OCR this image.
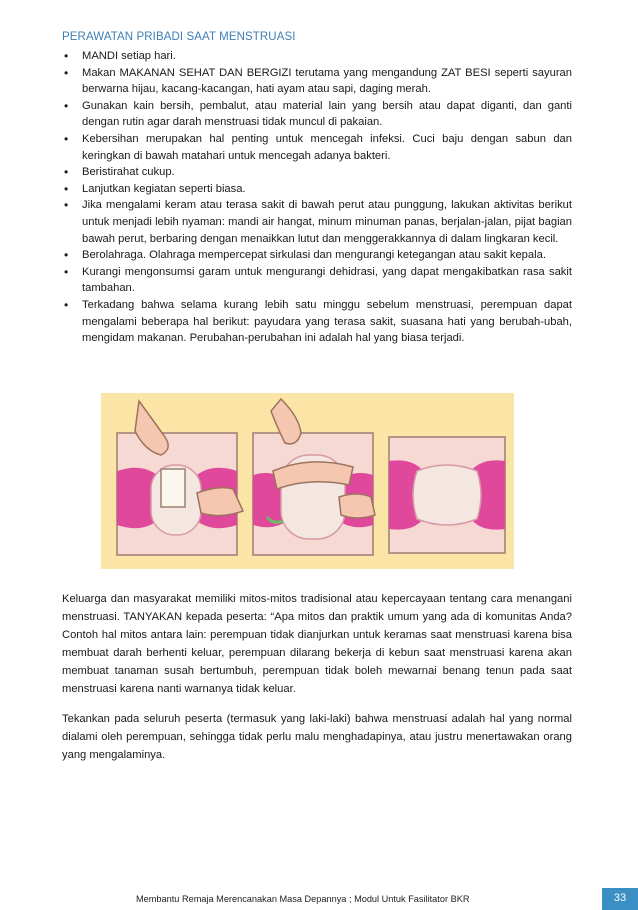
PERAWATAN PRIBADI SAAT MENSTRUASI
• MANDI setiap hari.
• Makan MAKANAN SEHAT DAN BERGIZI terutama yang mengandung ZAT BESI seperti sayuran berwarna hijau, kacang-kacangan, hati ayam atau sapi, daging merah.
• Gunakan kain bersih, pembalut, atau material lain yang bersih atau dapat diganti, dan ganti dengan rutin agar darah menstruasi tidak muncul di pakaian.
• Kebersihan merupakan hal penting untuk mencegah infeksi. Cuci baju dengan sabun dan keringkan di bawah matahari untuk mencegah adanya bakteri.
• Beristirahat cukup.
• Lanjutkan kegiatan seperti biasa.
• Jika mengalami keram atau terasa sakit di bawah perut atau punggung, lakukan aktivitas berikut untuk menjadi lebih nyaman: mandi air hangat, minum minuman panas, berjalan-jalan, pijat bagian bawah perut, berbaring dengan menaikkan lutut dan menggerakkannya di dalam lingkaran kecil.
• Berolahraga. Olahraga mempercepat sirkulasi dan mengurangi ketegangan atau sakit kepala.
• Kurangi mengonsumsi garam untuk mengurangi dehidrasi, yang dapat mengakibatkan rasa sakit tambahan.
• Terkadang bahwa selama kurang lebih satu minggu sebelum menstruasi, perempuan dapat mengalami beberapa hal berikut: payudara yang terasa sakit, suasana hati yang berubah-ubah, mengidam makanan. Perubahan-perubahan ini adalah hal yang biasa terjadi.

Keluarga dan masyarakat memiliki mitos-mitos tradisional atau kepercayaan tentang cara menangani menstruasi. TANYAKAN kepada peserta: “Apa mitos dan praktik umum yang ada di komunitas Anda? Contoh hal mitos antara lain: perempuan tidak dianjurkan untuk keramas saat menstruasi karena bisa membuat darah berhenti keluar, perempuan dilarang bekerja di kebun saat menstruasi karena akan membuat tanaman susah bertumbuh, perempuan tidak boleh mewarnai benang tenun pada saat menstruasi karena nanti warnanya tidak keluar.

Tekankan pada seluruh peserta (termasuk yang laki-laki) bahwa menstruasi adalah hal yang normal dialami oleh perempuan, sehingga tidak perlu malu menghadapinya, atau justru menertawakan orang yang mengalaminya.

Membantu Remaja Merencanakan Masa Depannya ; Modul Untuk Fasilitator BKR	33
